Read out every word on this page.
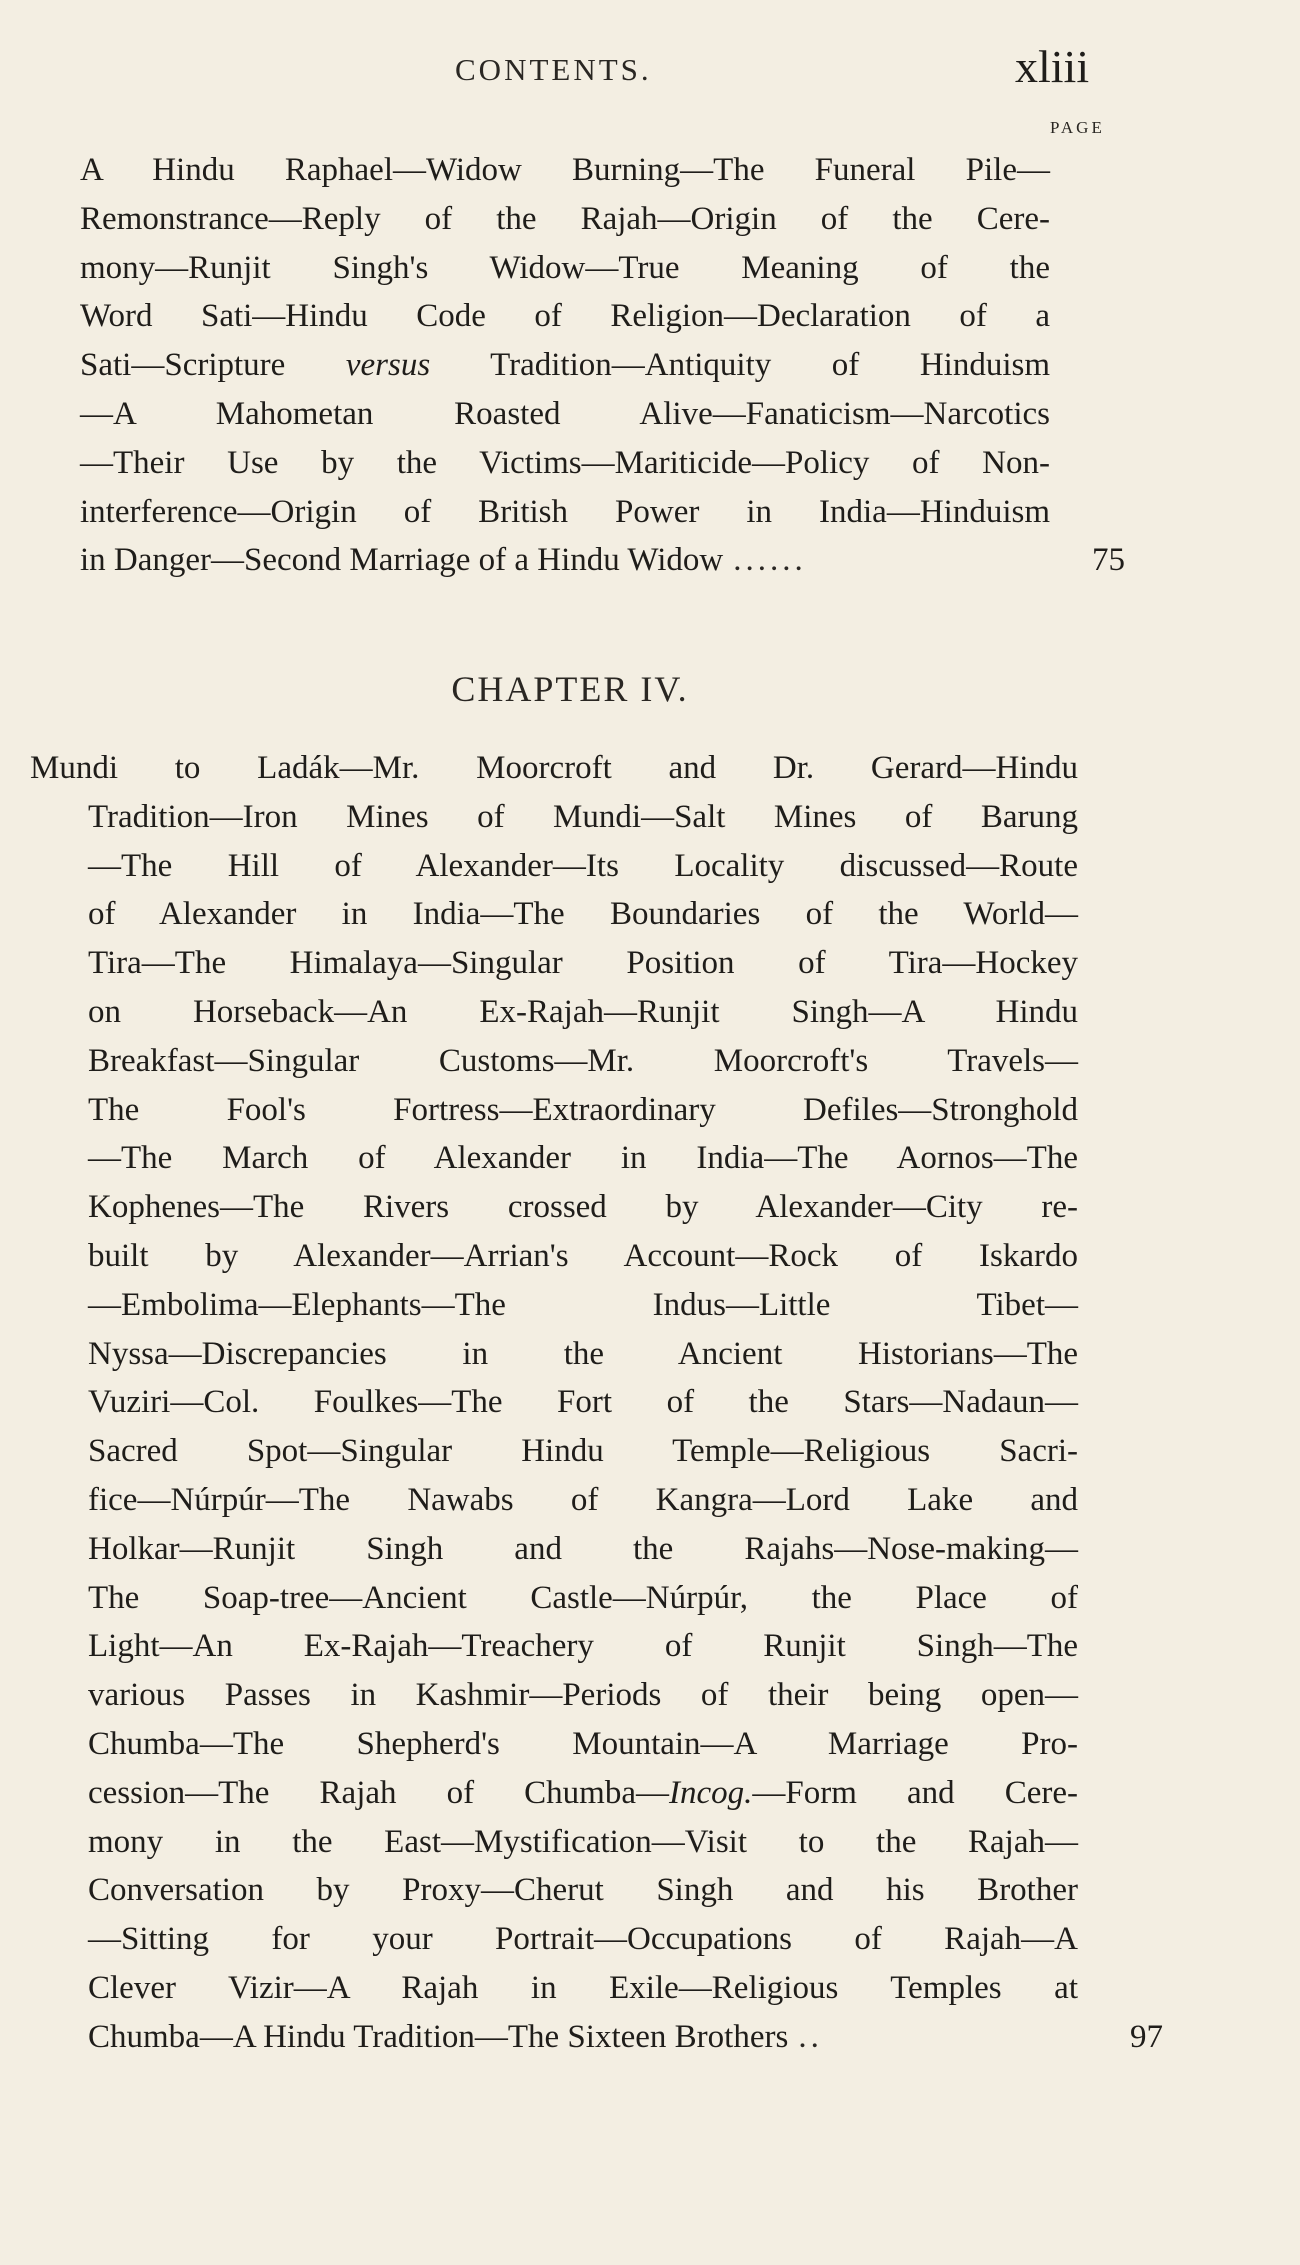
CONTENTS.	xliii
PAGE
A Hindu Raphael—Widow Burning—The Funeral Pile—
Remonstrance—Reply of the Rajah—Origin of the Cere-
mony—Runjit Singh's Widow—True Meaning of the
Word Sati—Hindu Code of Religion—Declaration of a
Sati—Scripture versus Tradition—Antiquity of Hinduism
—A Mahometan Roasted Alive—Fanaticism—Narcotics
—Their Use by the Victims—Mariticide—Policy of Non-
interference—Origin of British Power in India—Hinduism
in Danger—Second Marriage of a Hindu Widow ......	75
CHAPTER IV.
Mundi to Ladák—Mr. Moorcroft and Dr. Gerard—Hindu
Tradition—Iron Mines of Mundi—Salt Mines of Barung
—The Hill of Alexander—Its Locality discussed—Route
of Alexander in India—The Boundaries of the World—
Tira—The Himalaya—Singular Position of Tira—Hockey
on Horseback—An Ex-Rajah—Runjit Singh—A Hindu
Breakfast—Singular Customs—Mr. Moorcroft's Travels—
The Fool's Fortress—Extraordinary Defiles—Stronghold
—The March of Alexander in India—The Aornos—The
Kophenes—The Rivers crossed by Alexander—City re-
built by Alexander—Arrian's Account—Rock of Iskardo
—Embolima—Elephants—The Indus—Little Tibet—
Nyssa—Discrepancies in the Ancient Historians—The
Vuziri—Col. Foulkes—The Fort of the Stars—Nadaun—
Sacred Spot—Singular Hindu Temple—Religious Sacri-
fice—Núrpúr—The Nawabs of Kangra—Lord Lake and
Holkar—Runjit Singh and the Rajahs—Nose-making—
The Soap-tree—Ancient Castle—Núrpúr, the Place of
Light—An Ex-Rajah—Treachery of Runjit Singh—The
various Passes in Kashmir—Periods of their being open—
Chumba—The Shepherd's Mountain—A Marriage Pro-
cession—The Rajah of Chumba—Incog.—Form and Cere-
mony in the East—Mystification—Visit to the Rajah—
Conversation by Proxy—Cherut Singh and his Brother
—Sitting for your Portrait—Occupations of Rajah—A
Clever Vizir—A Rajah in Exile—Religious Temples at
Chumba—A Hindu Tradition—The Sixteen Brothers ..	97
